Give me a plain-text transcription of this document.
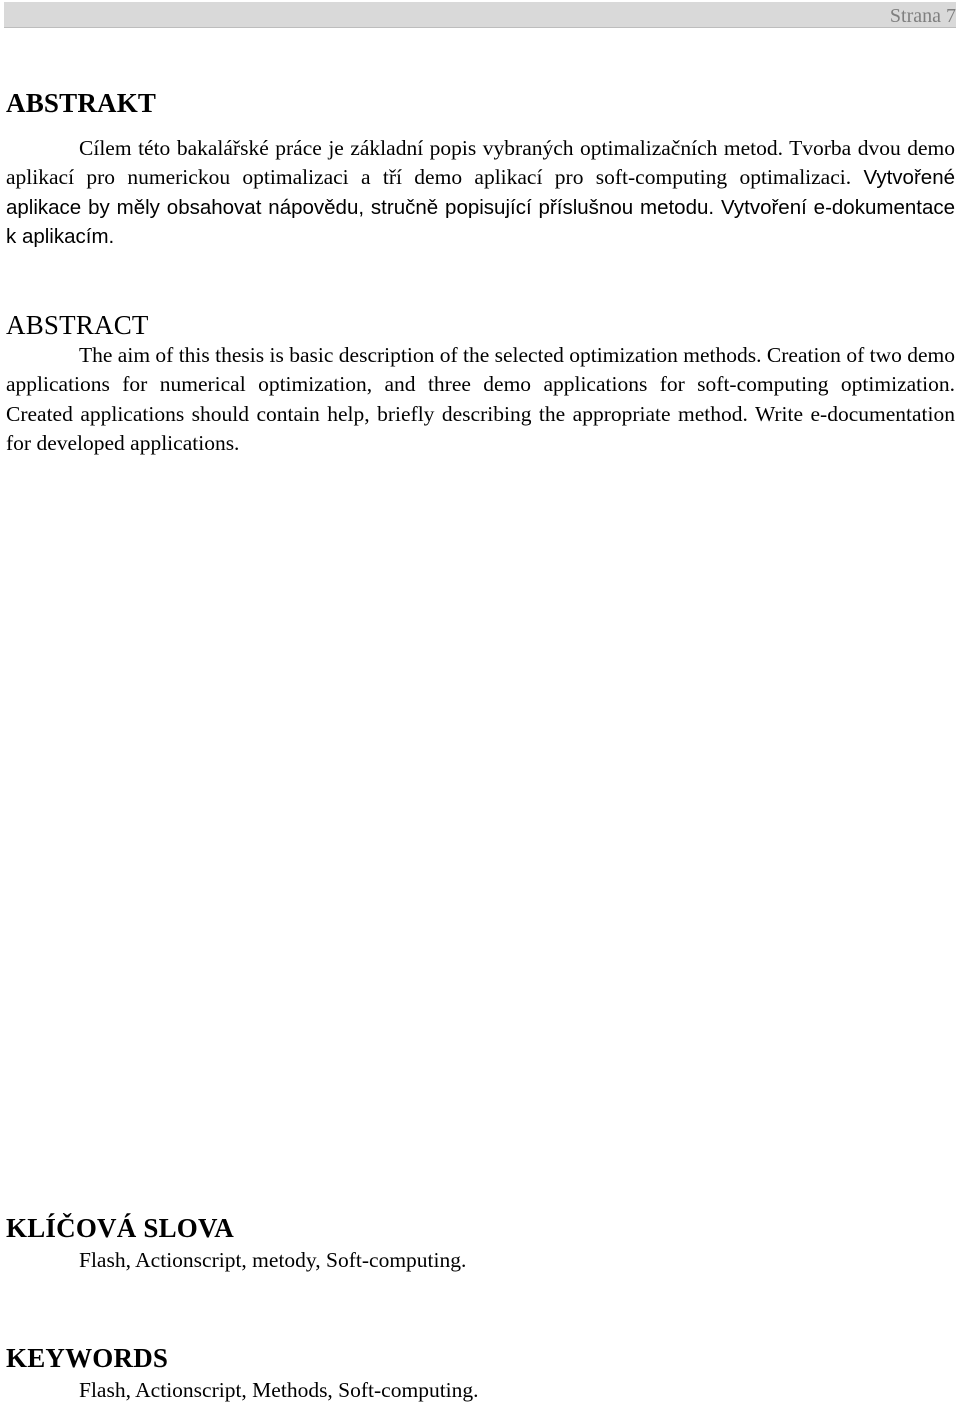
Strana 7
ABSTRAKT

Cílem této bakalářské práce je základní popis vybraných optimalizačních metod. Tvorba dvou demo aplikací pro numerickou optimalizaci a tří demo aplikací pro soft-computing optimalizaci. Vytvořené aplikace by měly obsahovat nápovědu, stručně popisující příslušnou metodu. Vytvoření e-dokumentace k aplikacím.

ABSTRACT

The aim of this thesis is basic description of the selected optimization methods. Creation of two demo applications for numerical optimization, and three demo applications for soft-computing optimization. Created applications should contain help, briefly describing the appropriate method. Write e-documentation for developed applications.

KLÍČOVÁ SLOVA

Flash, Actionscript, metody, Soft-computing.

KEYWORDS

Flash, Actionscript, Methods, Soft-computing.
